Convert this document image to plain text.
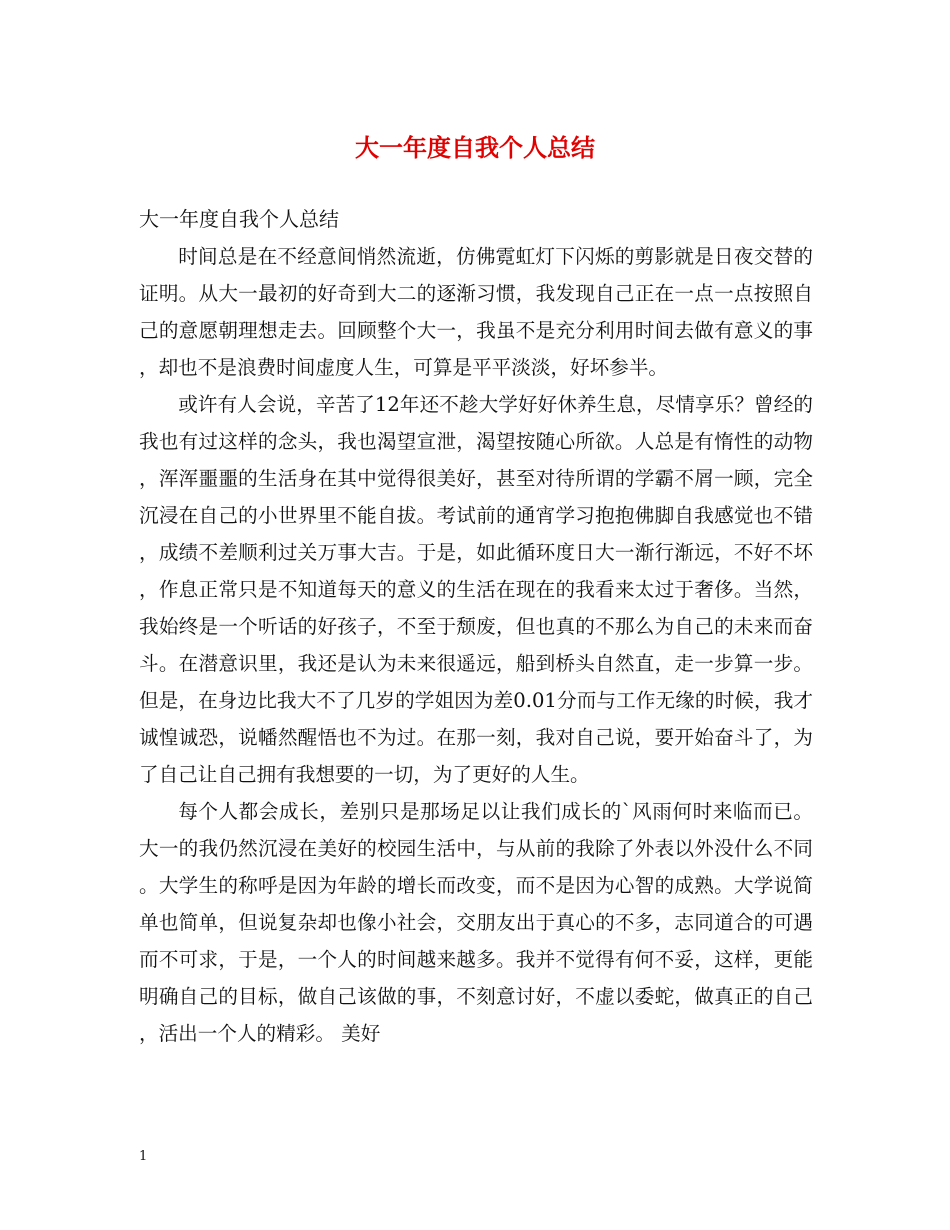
大一年度自我个人总结

大一年度自我个人总结

时间总是在不经意间悄然流逝，仿佛霓虹灯下闪烁的剪影就是日夜交替的证明。从大一最初的好奇到大二的逐渐习惯，我发现自己正在一点一点按照自己的意愿朝理想走去。回顾整个大一，我虽不是充分利用时间去做有意义的事，却也不是浪费时间虚度人生，可算是平平淡淡，好坏参半。

或许有人会说，辛苦了12年还不趁大学好好休养生息，尽情享乐？曾经的我也有过这样的念头，我也渴望宣泄，渴望按随心所欲。人总是有惰性的动物，浑浑噩噩的生活身在其中觉得很美好，甚至对待所谓的学霸不屑一顾，完全沉浸在自己的小世界里不能自拔。考试前的通宵学习抱抱佛脚自我感觉也不错，成绩不差顺利过关万事大吉。于是，如此循环度日大一渐行渐远，不好不坏，作息正常只是不知道每天的意义的生活在现在的我看来太过于奢侈。当然，我始终是一个听话的好孩子，不至于颓废，但也真的不那么为自己的未来而奋斗。在潜意识里，我还是认为未来很遥远，船到桥头自然直，走一步算一步。但是，在身边比我大不了几岁的学姐因为差0.01分而与工作无缘的时候，我才诚惶诚恐，说幡然醒悟也不为过。在那一刻，我对自己说，要开始奋斗了，为了自己让自己拥有我想要的一切，为了更好的人生。

每个人都会成长，差别只是那场足以让我们成长的`风雨何时来临而已。大一的我仍然沉浸在美好的校园生活中，与从前的我除了外表以外没什么不同。大学生的称呼是因为年龄的增长而改变，而不是因为心智的成熟。大学说简单也简单，但说复杂却也像小社会，交朋友出于真心的不多，志同道合的可遇而不可求，于是，一个人的时间越来越多。我并不觉得有何不妥，这样，更能明确自己的目标，做自己该做的事，不刻意讨好，不虚以委蛇，做真正的自己，活出一个人的精彩。 美好

1
